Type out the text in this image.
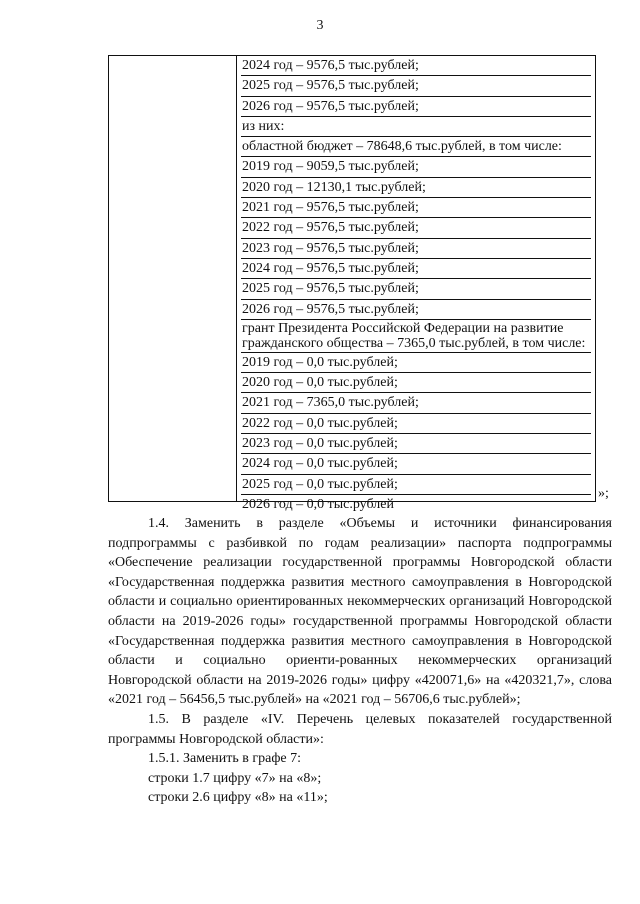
3
2024 год – 9576,5 тыс.рублей;
2025 год – 9576,5 тыс.рублей;
2026 год – 9576,5 тыс.рублей;
из них:
областной бюджет – 78648,6 тыс.рублей, в том числе:
2019 год – 9059,5 тыс.рублей;
2020 год – 12130,1 тыс.рублей;
2021 год – 9576,5 тыс.рублей;
2022 год – 9576,5 тыс.рублей;
2023 год – 9576,5 тыс.рублей;
2024 год – 9576,5 тыс.рублей;
2025 год – 9576,5 тыс.рублей;
2026 год – 9576,5 тыс.рублей;
грант Президента Российской Федерации на развитие гражданского общества – 7365,0 тыс.рублей, в том числе:
2019 год – 0,0 тыс.рублей;
2020 год – 0,0 тыс.рублей;
2021 год – 7365,0 тыс.рублей;
2022 год – 0,0 тыс.рублей;
2023 год – 0,0 тыс.рублей;
2024 год – 0,0 тыс.рублей;
2025 год – 0,0 тыс.рублей;
2026 год – 0,0 тыс.рублей
»;

1.4. Заменить в разделе «Объемы и источники финансирования подпрограммы с разбивкой по годам реализации» паспорта подпрограммы «Обеспечение реализации государственной программы Новгородской области «Государственная поддержка развития местного самоуправления в Новгородской области и социально ориентированных некоммерческих организаций Новгородской области на 2019-2026 годы» государственной программы Новгородской области «Государственная поддержка развития местного самоуправления в Новгородской области и социально ориенти-рованных некоммерческих организаций Новгородской области на 2019-2026 годы» цифру «420071,6» на «420321,7», слова «2021 год – 56456,5 тыс.рублей» на «2021 год – 56706,6 тыс.рублей»;

1.5. В разделе «IV. Перечень целевых показателей государственной программы Новгородской области»:

1.5.1. Заменить в графе 7:

строки 1.7 цифру «7» на «8»;

строки 2.6 цифру «8» на «11»;
